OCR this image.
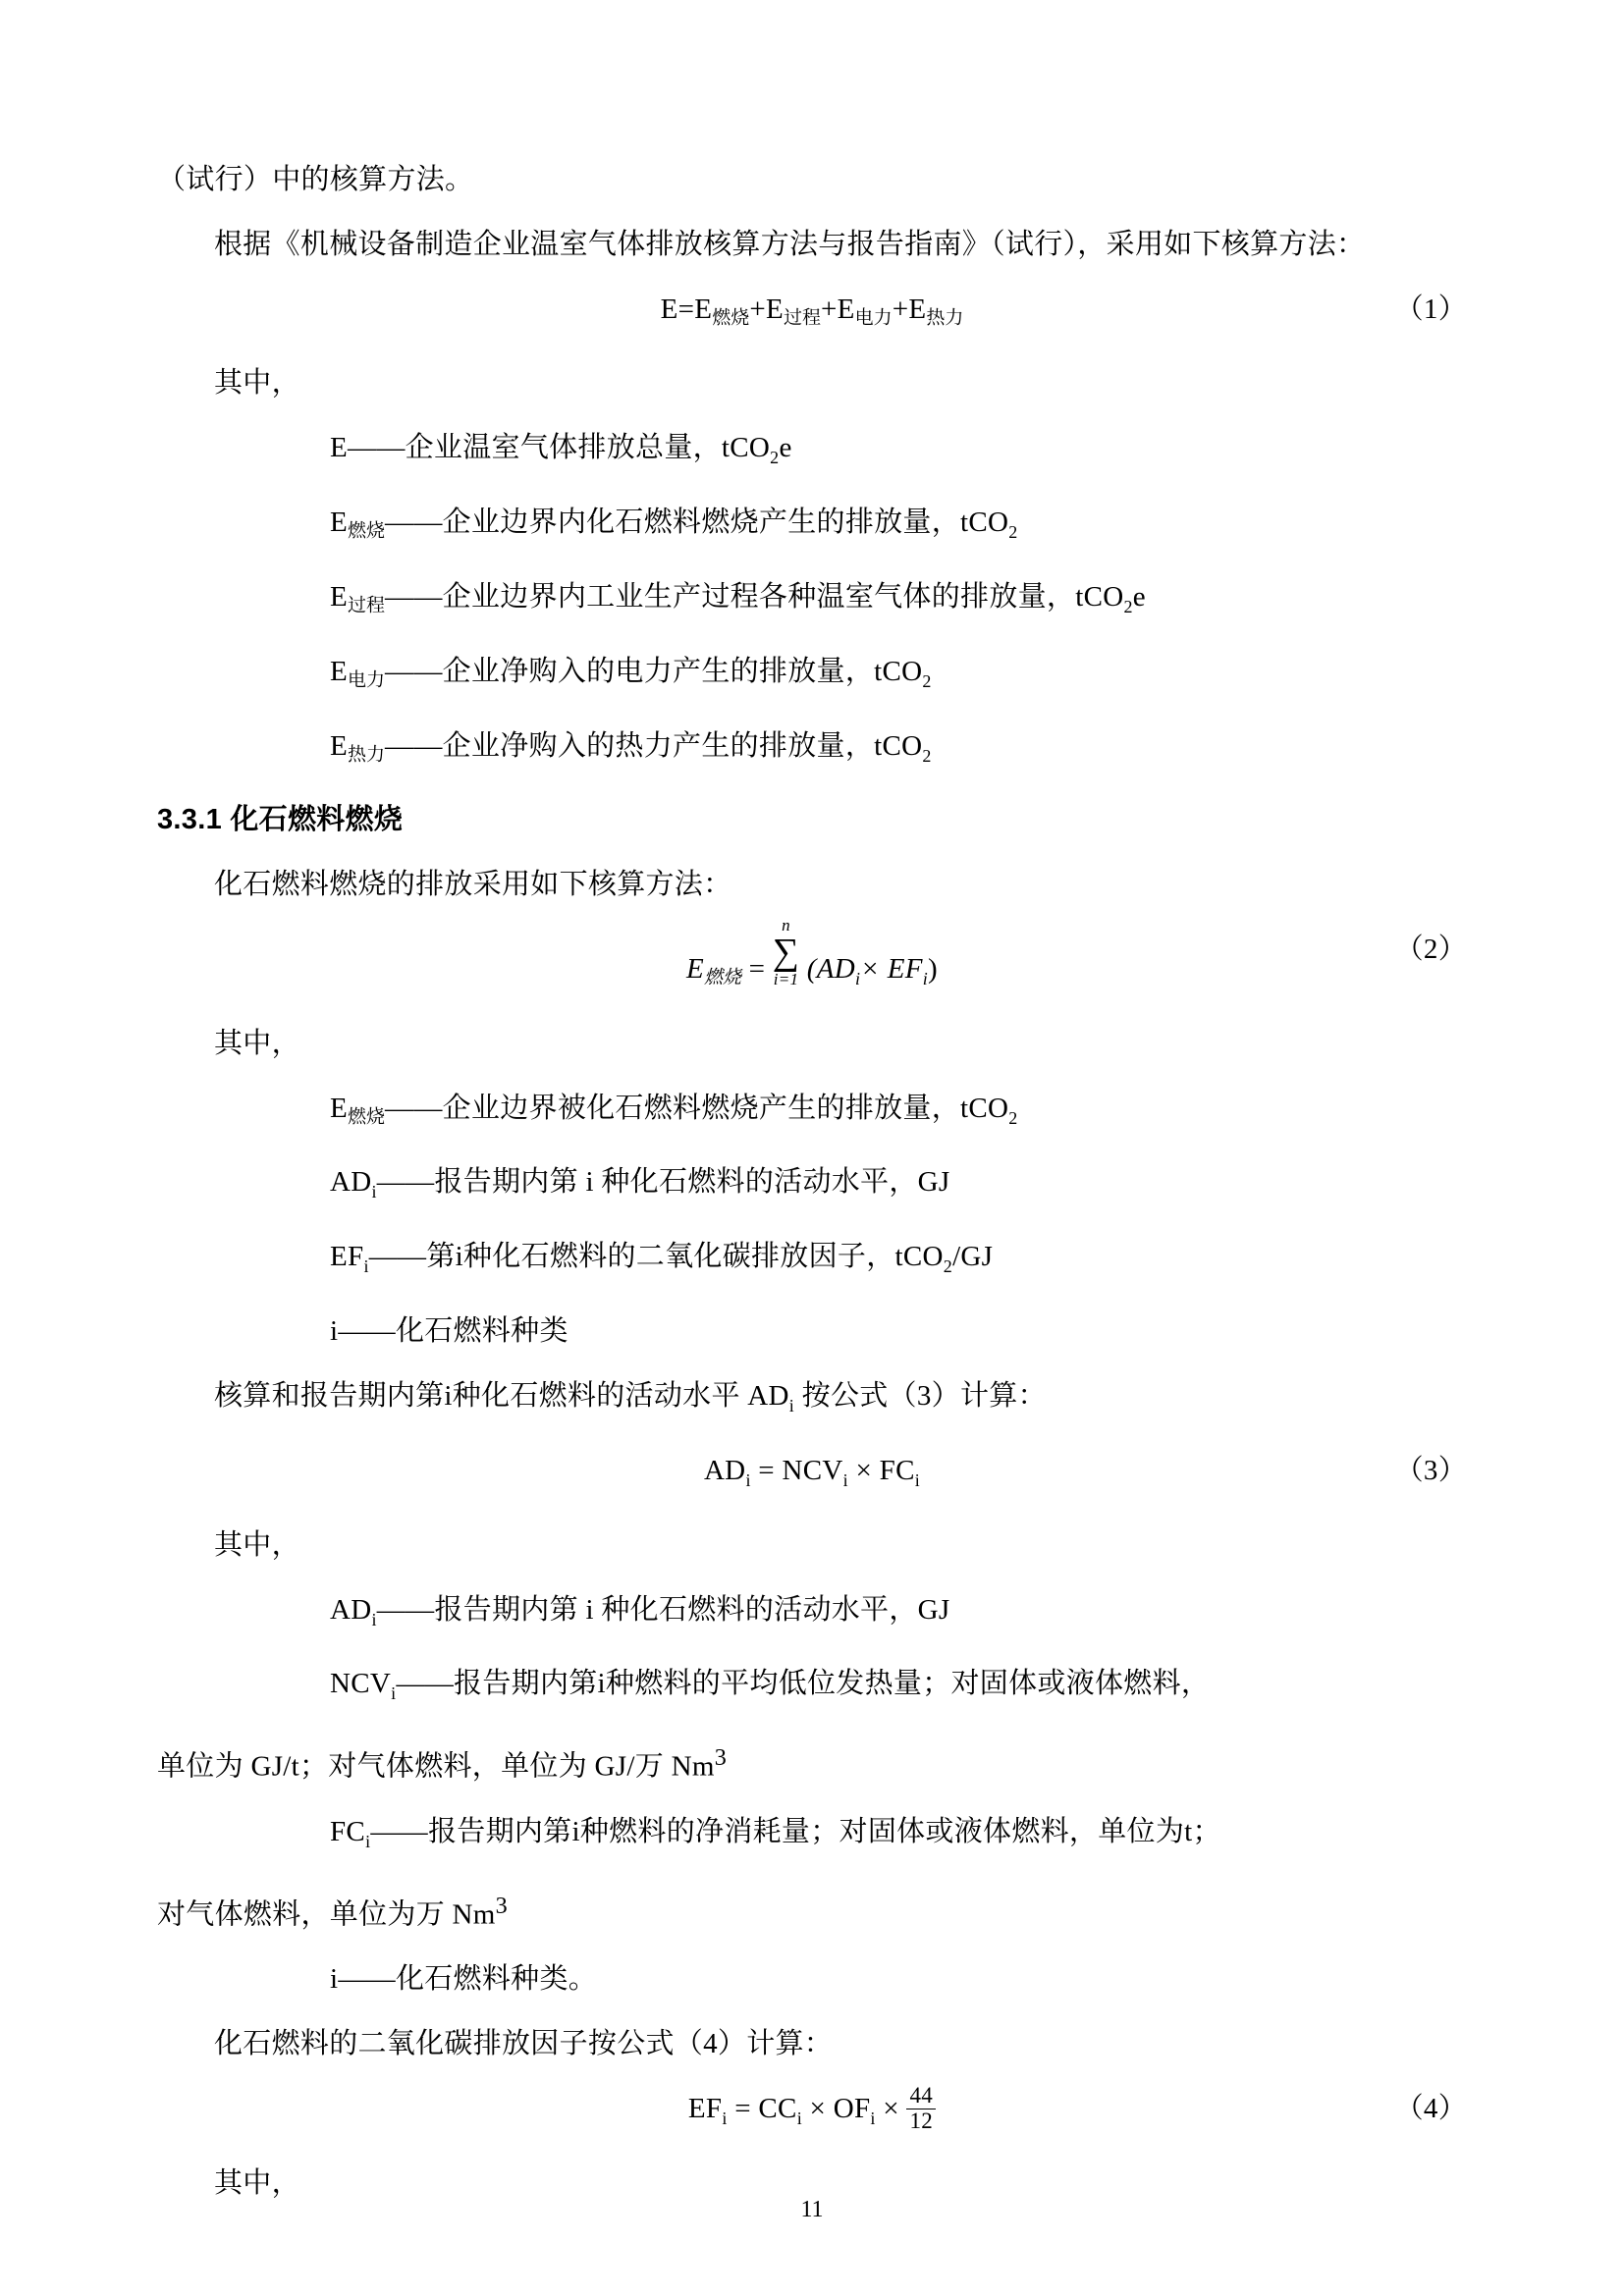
（试行）中的核算方法。

根据《机械设备制造企业温室气体排放核算方法与报告指南》（试行），采用如下核算方法：

E=E燃烧+E过程+E电力+E热力	（1）

其中，

E——企业温室气体排放总量，tCO$_2$e

E燃烧——企业边界内化石燃料燃烧产生的排放量，tCO$_2$

E过程——企业边界内工业生产过程各种温室气体的排放量，tCO$_2$e

E电力——企业净购入的电力产生的排放量，tCO$_2$

E热力——企业净购入的热力产生的排放量，tCO$_2$

3.3.1 化石燃料燃烧

化石燃料燃烧的排放采用如下核算方法：

E燃烧 =
n
∑
i=1 $(AD_i\times EF_i)$
（2）

其中，

E燃烧——企业边界被化石燃料燃烧产生的排放量，tCO$_2$

$AD_i——$报告期内第 i 种化石燃料的活动水平，GJ

$EF_i——$第i种化石燃料的二氧化碳排放因子，tCO$_2$/GJ

i——化石燃料种类

核算和报告期内第i种化石燃料的活动水平 $AD_i$ 按公式（3）计算：

$AD_i = NCV_i \times FC_i$	（3）

其中，

$AD_i——$报告期内第 i 种化石燃料的活动水平，GJ

$NCV_i——$报告期内第i种燃料的平均低位发热量；对固体或液体燃料，

单位为 GJ/t；对气体燃料，单位为 GJ/万 Nm$^3$

$FC_i——$报告期内第i种燃料的净消耗量；对固体或液体燃料，单位为t；

对气体燃料，单位为万 Nm$^3$

i——化石燃料种类。

化石燃料的二氧化碳排放因子按公式（4）计算：

$EF_i = CC_i \times OF_i \times \frac{44}{12}$	（4）

其中，

11
